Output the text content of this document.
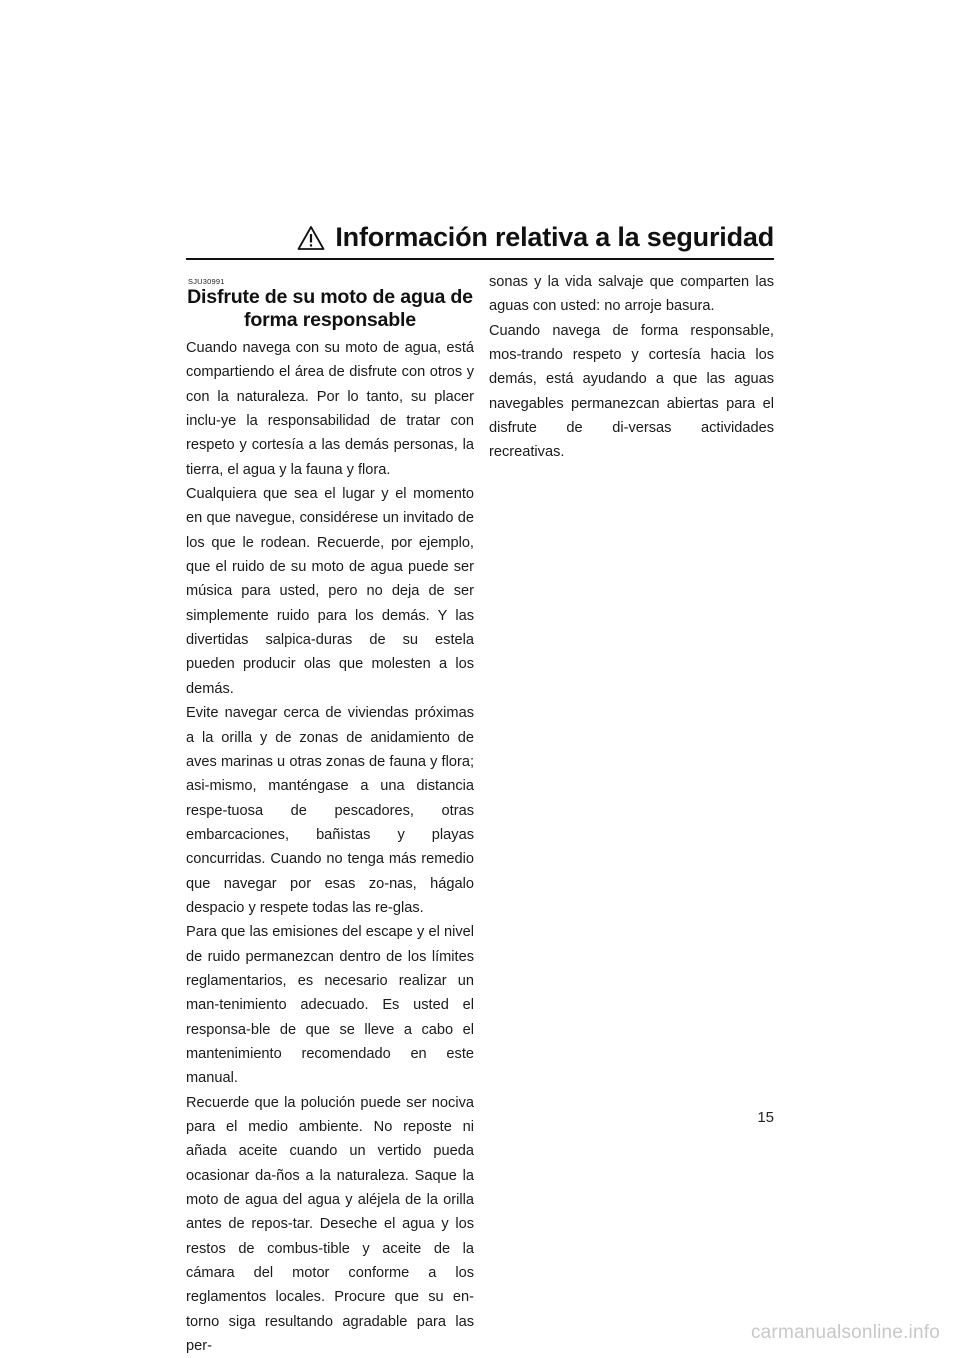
Información relativa a la seguridad
SJU30991
Disfrute de su moto de agua de
forma responsable

Cuando navega con su moto de agua, está compartiendo el área de disfrute con otros y con la naturaleza. Por lo tanto, su placer inclu-ye la responsabilidad de tratar con respeto y cortesía a las demás personas, la tierra, el agua y la fauna y flora.

Cualquiera que sea el lugar y el momento en que navegue, considérese un invitado de los que le rodean. Recuerde, por ejemplo, que el ruido de su moto de agua puede ser música para usted, pero no deja de ser simplemente ruido para los demás. Y las divertidas salpica-duras de su estela pueden producir olas que molesten a los demás.

Evite navegar cerca de viviendas próximas a la orilla y de zonas de anidamiento de aves marinas u otras zonas de fauna y flora; asi-mismo, manténgase a una distancia respe-tuosa de pescadores, otras embarcaciones, bañistas y playas concurridas. Cuando no tenga más remedio que navegar por esas zo-nas, hágalo despacio y respete todas las re-glas.

Para que las emisiones del escape y el nivel de ruido permanezcan dentro de los límites reglamentarios, es necesario realizar un man-tenimiento adecuado. Es usted el responsa-ble de que se lleve a cabo el mantenimiento recomendado en este manual.

Recuerde que la polución puede ser nociva para el medio ambiente. No reposte ni añada aceite cuando un vertido pueda ocasionar da-ños a la naturaleza. Saque la moto de agua del agua y aléjela de la orilla antes de repos-tar. Deseche el agua y los restos de combus-tible y aceite de la cámara del motor conforme a los reglamentos locales. Procure que su en-torno siga resultando agradable para las per-

sonas y la vida salvaje que comparten las aguas con usted: no arroje basura.

Cuando navega de forma responsable, mos-trando respeto y cortesía hacia los demás, está ayudando a que las aguas navegables permanezcan abiertas para el disfrute de di-versas actividades recreativas.

15
carmanualsonline.info
